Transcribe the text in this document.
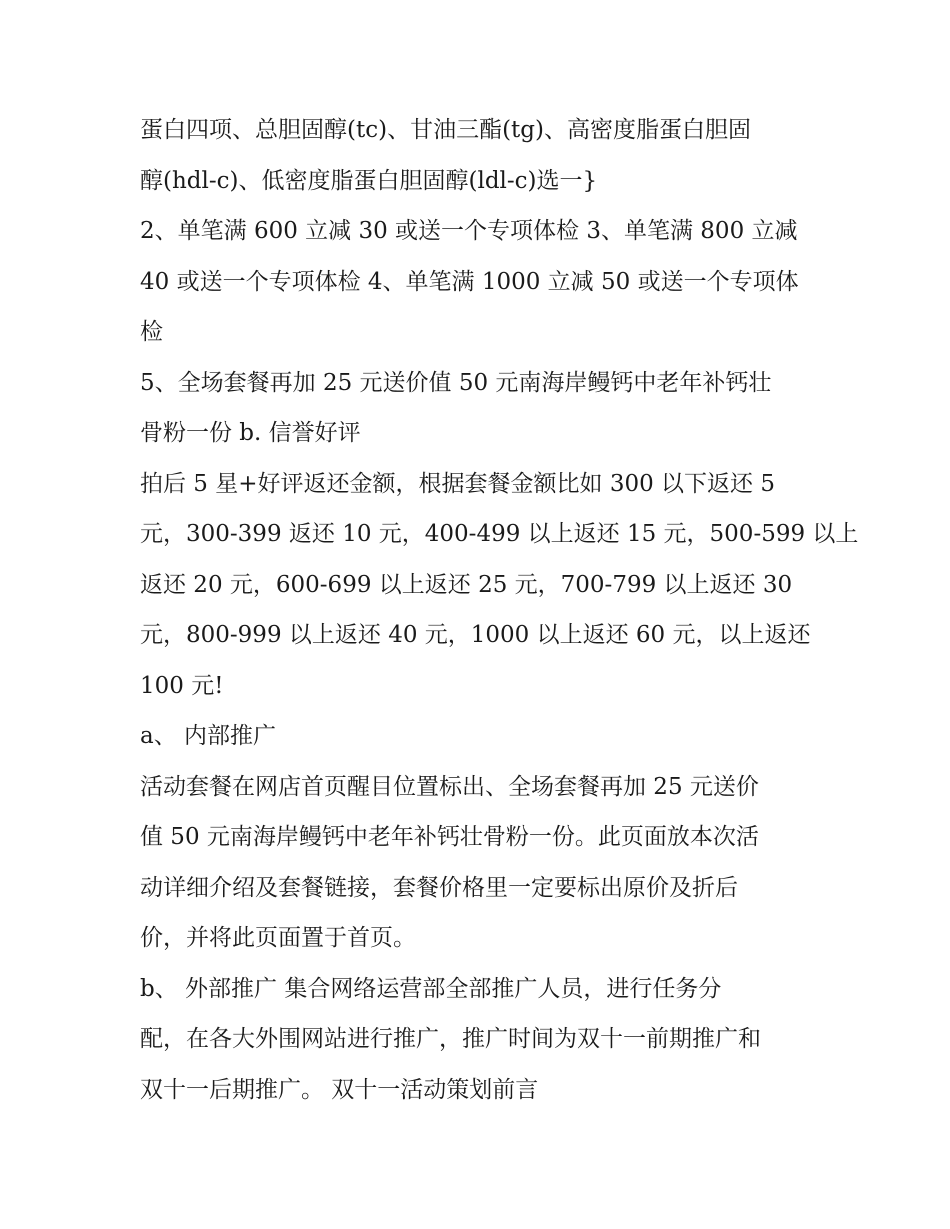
蛋白四项、总胆固醇(tc)、甘油三酯(tg)、高密度脂蛋白胆固
醇(hdl-c)、低密度脂蛋白胆固醇(ldl-c)选一}
2、单笔满 600 立减 30 或送一个专项体检 3、单笔满 800 立减
40 或送一个专项体检 4、单笔满 1000 立减 50 或送一个专项体
检
5、全场套餐再加 25 元送价值 50 元南海岸鳗钙中老年补钙壮
骨粉一份 b. 信誉好评
拍后 5 星+好评返还金额，根据套餐金额比如 300 以下返还 5
元，300-399 返还 10 元，400-499 以上返还 15 元，500-599 以上
返还 20 元，600-699 以上返还 25 元，700-799 以上返还 30
元，800-999 以上返还 40 元，1000 以上返还 60 元，以上返还
100 元!
a、 内部推广
活动套餐在网店首页醒目位置标出、全场套餐再加 25 元送价
值 50 元南海岸鳗钙中老年补钙壮骨粉一份。此页面放本次活
动详细介绍及套餐链接，套餐价格里一定要标出原价及折后
价，并将此页面置于首页。
b、 外部推广 集合网络运营部全部推广人员，进行任务分
配，在各大外围网站进行推广，推广时间为双十一前期推广和
双十一后期推广。 双十一活动策划前言
